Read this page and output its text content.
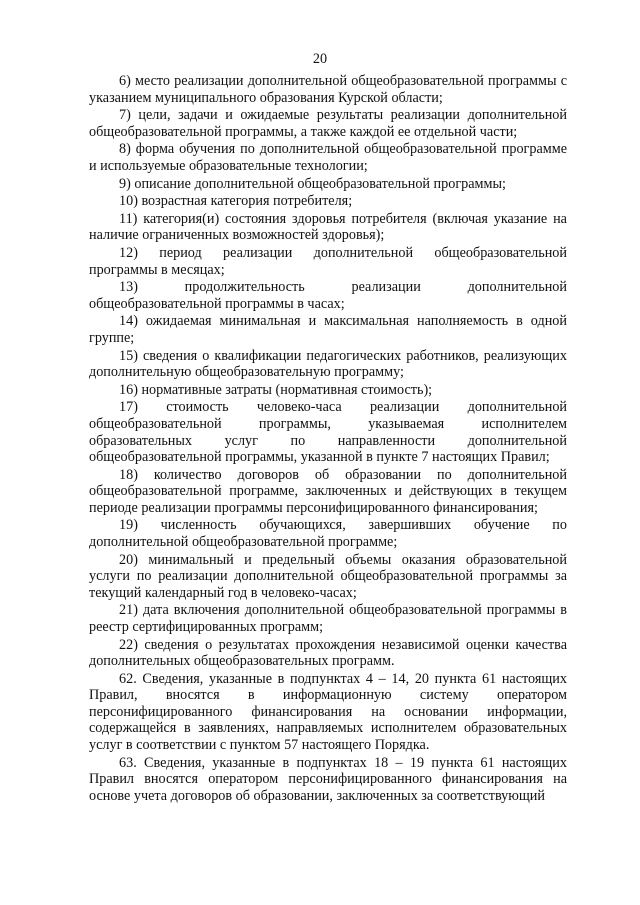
20

6) место реализации дополнительной общеобразовательной программы с указанием муниципального образования Курской области;

7) цели, задачи и ожидаемые результаты реализации дополнительной общеобразовательной программы, а также каждой ее отдельной части;

8) форма обучения по дополнительной общеобразовательной программе и используемые образовательные технологии;

9) описание дополнительной общеобразовательной программы;

10) возрастная категория потребителя;

11) категория(и) состояния здоровья потребителя (включая указание на наличие ограниченных возможностей здоровья);

12) период реализации дополнительной общеобразовательной программы в месяцах;

13) продолжительность реализации дополнительной общеобразовательной программы в часах;

14) ожидаемая минимальная и максимальная наполняемость в одной группе;

15) сведения о квалификации педагогических работников, реализующих дополнительную общеобразовательную программу;

16) нормативные затраты (нормативная стоимость);

17) стоимость человеко-часа реализации дополнительной общеобразовательной программы, указываемая исполнителем образовательных услуг по направленности дополнительной общеобразовательной программы, указанной в пункте 7 настоящих Правил;

18) количество договоров об образовании по дополнительной общеобразовательной программе, заключенных и действующих в текущем периоде реализации программы персонифицированного финансирования;

19) численность обучающихся, завершивших обучение по дополнительной общеобразовательной программе;

20) минимальный и предельный объемы оказания образовательной услуги по реализации дополнительной общеобразовательной программы за текущий календарный год в человеко-часах;

21) дата включения дополнительной общеобразовательной программы в реестр сертифицированных программ;

22) сведения о результатах прохождения независимой оценки качества дополнительных общеобразовательных программ.

62. Сведения, указанные в подпунктах 4 – 14, 20 пункта 61 настоящих Правил, вносятся в информационную систему оператором персонифицированного финансирования на основании информации, содержащейся в заявлениях, направляемых исполнителем образовательных услуг в соответствии с пунктом 57 настоящего Порядка.

63. Сведения, указанные в подпунктах 18 – 19 пункта 61 настоящих Правил вносятся оператором персонифицированного финансирования на основе учета договоров об образовании, заключенных за соответствующий
